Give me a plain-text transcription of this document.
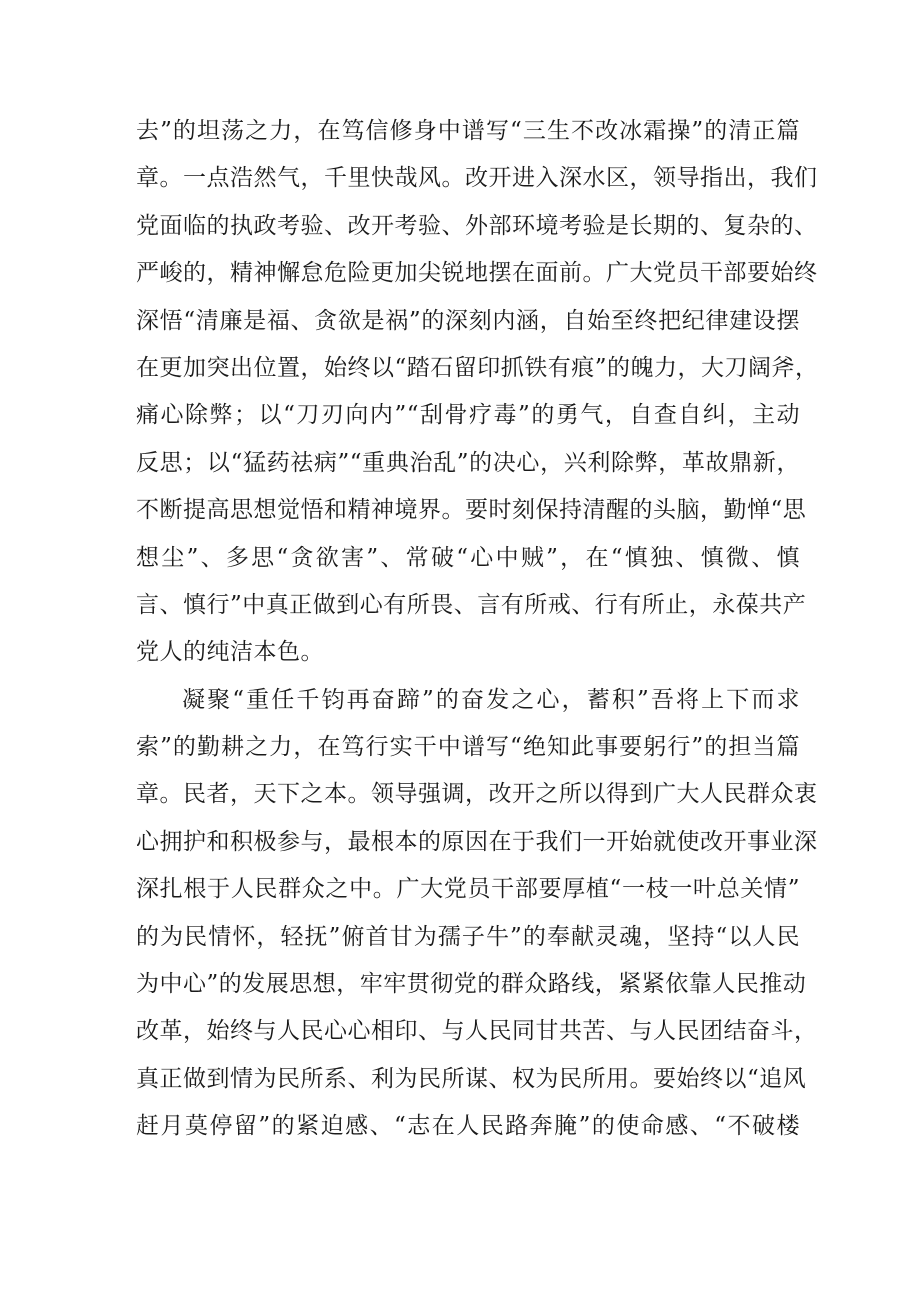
去”的坦荡之力，在笃信修身中谱写“三生不改冰霜操”的清正篇
章。一点浩然气，千里快哉风。改开进入深水区，领导指出，我们
党面临的执政考验、改开考验、外部环境考验是长期的、复杂的、
严峻的，精神懈怠危险更加尖锐地摆在面前。广大党员干部要始终
深悟“清廉是福、贪欲是祸”的深刻内涵，自始至终把纪律建设摆
在更加突出位置，始终以“踏石留印抓铁有痕”的魄力，大刀阔斧，
痛心除弊；以“刀刃向内”“刮骨疗毒”的勇气，自查自纠，主动
反思；以“猛药祛病”“重典治乱”的决心，兴利除弊，革故鼎新，
不断提高思想觉悟和精神境界。要时刻保持清醒的头脑，勤惮“思
想尘”、多思“贪欲害”、常破“心中贼”，在“慎独、慎微、慎
言、慎行”中真正做到心有所畏、言有所戒、行有所止，永葆共产
党人的纯洁本色。
凝聚“重任千钧再奋蹄”的奋发之心，蓄积”吾将上下而求
索”的勤耕之力，在笃行实干中谱写“绝知此事要躬行”的担当篇
章。民者，天下之本。领导强调，改开之所以得到广大人民群众衷
心拥护和积极参与，最根本的原因在于我们一开始就使改开事业深
深扎根于人民群众之中。广大党员干部要厚植“一枝一叶总关情”
的为民情怀，轻抚”俯首甘为孺子牛”的奉献灵魂，坚持“以人民
为中心”的发展思想，牢牢贯彻党的群众路线，紧紧依靠人民推动
改革，始终与人民心心相印、与人民同甘共苦、与人民团结奋斗，
真正做到情为民所系、利为民所谋、权为民所用。要始终以“追风
赶月莫停留”的紧迫感、“志在人民路奔腌”的使命感、“不破楼
